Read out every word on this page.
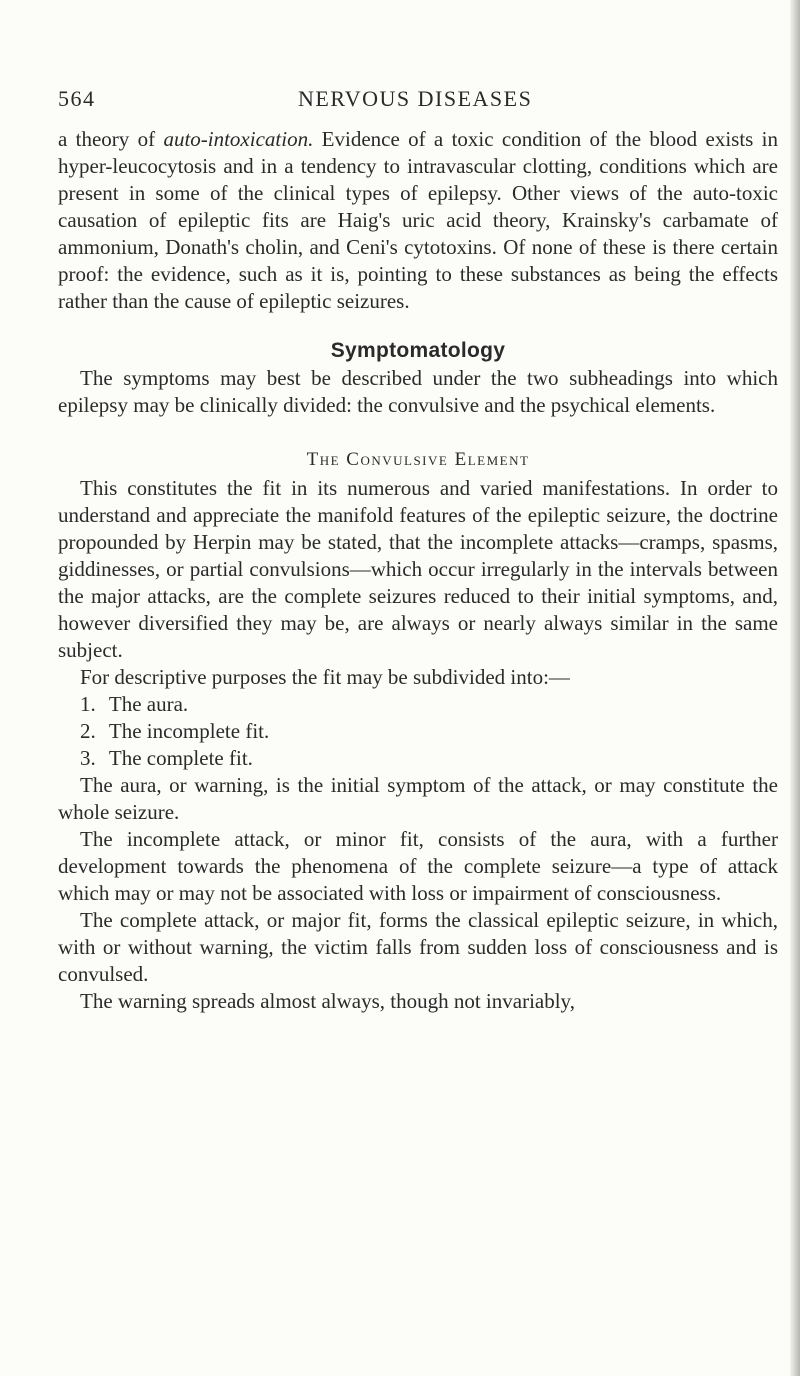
564	NERVOUS DISEASES

a theory of auto-intoxication. Evidence of a toxic condition of the blood exists in hyper-leucocytosis and in a tendency to intravascular clotting, conditions which are present in some of the clinical types of epilepsy. Other views of the auto-toxic causation of epileptic fits are Haig's uric acid theory, Krainsky's carbamate of ammonium, Donath's cholin, and Ceni's cytotoxins. Of none of these is there certain proof: the evidence, such as it is, pointing to these substances as being the effects rather than the cause of epileptic seizures.

Symptomatology

The symptoms may best be described under the two subheadings into which epilepsy may be clinically divided: the convulsive and the psychical elements.

The Convulsive Element

This constitutes the fit in its numerous and varied manifestations. In order to understand and appreciate the manifold features of the epileptic seizure, the doctrine propounded by Herpin may be stated, that the incomplete attacks—cramps, spasms, giddinesses, or partial convulsions—which occur irregularly in the intervals between the major attacks, are the complete seizures reduced to their initial symptoms, and, however diversified they may be, are always or nearly always similar in the same subject.

For descriptive purposes the fit may be subdivided into:—

1. The aura.
2. The incomplete fit.
3. The complete fit.

The aura, or warning, is the initial symptom of the attack, or may constitute the whole seizure.

The incomplete attack, or minor fit, consists of the aura, with a further development towards the phenomena of the complete seizure—a type of attack which may or may not be associated with loss or impairment of consciousness.

The complete attack, or major fit, forms the classical epileptic seizure, in which, with or without warning, the victim falls from sudden loss of consciousness and is convulsed.

The warning spreads almost always, though not invariably,
